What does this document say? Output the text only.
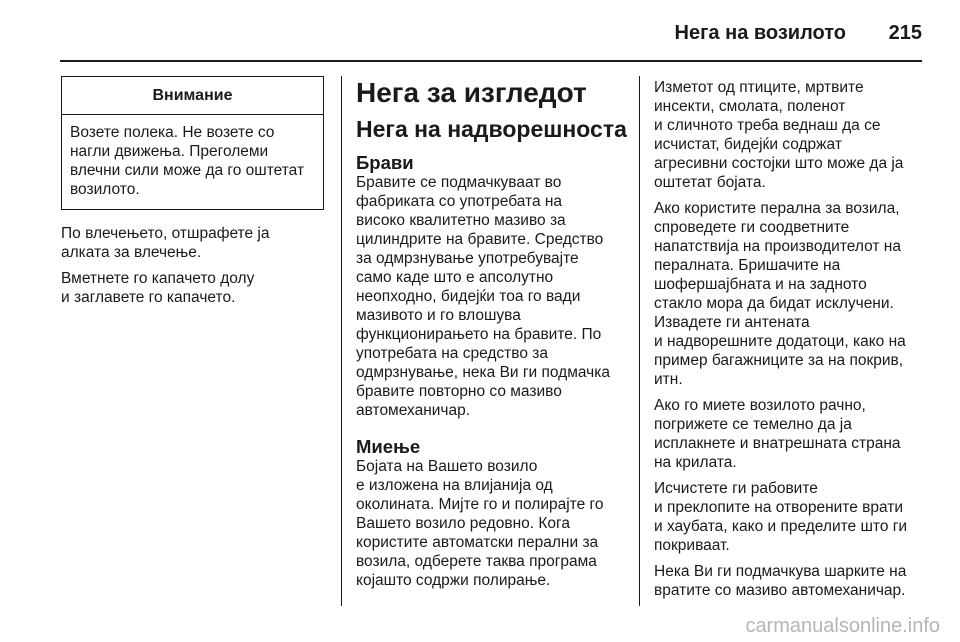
Нега на возилото	215
Внимание
Возете полека. Не возете со
нагли движења. Преголеми
влечни сили може да го оштетат
возилото.

По влечењето, отшрафете ја
алката за влечење.

Вметнете го капачето долу
и заглавете го капачето.

Нега за изгледот
Нега на надворешноста
Брави

Бравите се подмачкуваат во
фабриката со употребата на
високо квалитетно мазиво за
цилиндрите на бравите. Средство
за одмрзнување употребувајте
само каде што е апсолутно
неопходно, бидејќи тоа го вади
мазивото и го влошува
функционирањето на бравите. По
употребата на средство за
одмрзнување, нека Ви ги подмачка
бравите повторно со мазиво
автомеханичар.

Миење

Бојата на Вашето возило
е изложена на влијанија од
околината. Мијте го и полирајте го
Вашето возило редовно. Кога
користите автоматски перални за
возила, одберете таква програма
којашто содржи полирање.

Изметот од птиците, мртвите
инсекти, смолата, поленот
и сличното треба веднаш да се
исчистат, бидејќи содржат
агресивни состојки што може да ја
оштетат бојата.

Ако користите перална за возила,
спроведете ги соодветните
напатствија на производителот на
пералната. Бришачите на
шофершајбната и на задното
стакло мора да бидат исклучени.
Извадете ги антената
и надворешните додатоци, како на
пример багажниците за на покрив,
итн.

Ако го миете возилото рачно,
погрижете се темелно да ја
исплакнете и внатрешната страна
на крилата.

Исчистете ги рабовите
и преклопите на отворените врати
и хаубата, како и пределите што ги
покриваат.

Нека Ви ги подмачкува шарките на
вратите со мазиво автомеханичар.

carmanualsonline.info
